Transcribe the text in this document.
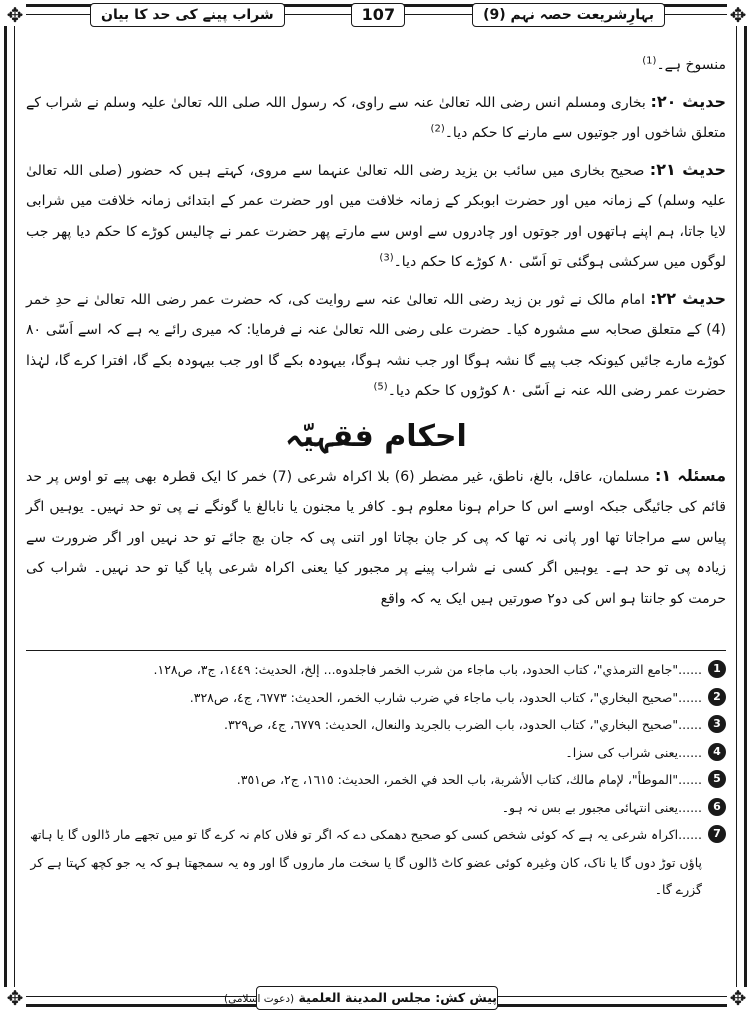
✥	✥
✥	✥
بہارِشریعت حصہ نہم (9)
107
شراب پینے کی حد کا بیان

منسوخ ہے۔$^{(1)}$

حدیث ۲۰: بخاری ومسلم انس رضی اللہ تعالیٰ عنہ سے راوی، کہ رسول اللہ صلی اللہ تعالیٰ علیہ وسلم نے شراب کے متعلق شاخوں اور جوتیوں سے مارنے کا حکم دیا۔$^{(2)}$

حدیث ۲۱: صحیح بخاری میں سائب بن یزید رضی اللہ تعالیٰ عنہما سے مروی، کہتے ہیں کہ حضور (صلی اللہ تعالیٰ علیہ وسلم) کے زمانہ میں اور حضرت ابوبکر کے زمانہ خلافت میں اور حضرت عمر کے ابتدائی زمانہ خلافت میں شرابی لایا جاتا، ہم اپنے ہاتھوں اور جوتوں اور چادروں سے اوس سے مارتے پھر حضرت عمر نے چالیس کوڑے کا حکم دیا پھر جب لوگوں میں سرکشی ہوگئی تو اَسّی ۸۰ کوڑے کا حکم دیا۔$^{(3)}$

حدیث ۲۲: امام مالک نے ثور بن زید رضی اللہ تعالیٰ عنہ سے روایت کی، کہ حضرت عمر رضی اللہ تعالیٰ نے حدِ خمر (4) کے متعلق صحابہ سے مشورہ کیا۔ حضرت علی رضی اللہ تعالیٰ عنہ نے فرمایا: کہ میری رائے یہ ہے کہ اسے اَسّی ۸۰ کوڑے مارے جائیں کیونکہ جب پیے گا نشہ ہوگا اور جب نشہ ہوگا، بیہودہ بکے گا اور جب بیہودہ بکے گا، افترا کرے گا، لہٰذا حضرت عمر رضی اللہ عنہ نے اَسّی ۸۰ کوڑوں کا حکم دیا۔$^{(5)}$

احکام فقہیّہ

مسئلہ ۱: مسلمان، عاقل، بالغ، ناطق، غیر مضطر (6) بلا اکراہ شرعی (7) خمر کا ایک قطرہ بھی پیے تو اوس پر حد قائم کی جائیگی جبکہ اوسے اس کا حرام ہونا معلوم ہو۔ کافر یا مجنون یا نابالغ یا گونگے نے پی تو حد نہیں۔ یوہیں اگر پیاس سے مراجاتا تھا اور پانی نہ تھا کہ پی کر جان بچاتا اور اتنی پی کہ جان بچ جائے تو حد نہیں اور اگر ضرورت سے زیادہ پی تو حد ہے۔ یوہیں اگر کسی نے شراب پینے پر مجبور کیا یعنی اکراہ شرعی پایا گیا تو حد نہیں۔ شراب کی حرمت کو جانتا ہو اس کی دو۲ صورتیں ہیں ایک یہ کہ واقع

1
......"جامع الترمذي"، كتاب الحدود، باب ماجاء من شرب الخمر فاجلدوه... إلخ، الحديث: ١٤٤٩، ج٣، ص١٢٨.
2
......"صحيح البخاري"، كتاب الحدود، باب ماجاء في ضرب شارب الخمر، الحديث: ٦٧٧٣، ج٤، ص٣٢٨.
3
......"صحيح البخاري"، كتاب الحدود، باب الضرب بالجريد والنعال، الحديث: ٦٧٧٩، ج٤، ص٣٢٩.
4
......یعنی شراب کی سزا۔
5
......"الموطأ"، لإمام مالك، كتاب الأشربة، باب الحد في الخمر، الحديث: ١٦١٥، ج٢، ص٣٥١.
6
......یعنی انتہائی مجبور بے بس نہ ہو۔
7
......اکراہ شرعی یہ ہے کہ کوئی شخص کسی کو صحیح دھمکی دے کہ اگر تو فلاں کام نہ کرے گا تو میں تجھے مار ڈالوں گا یا ہاتھ پاؤں توڑ دوں گا یا ناک، کان وغیرہ کوئی عضو کاٹ ڈالوں گا یا سخت مار ماروں گا اور وہ یہ سمجھتا ہو کہ یہ جو کچھ کہتا ہے کر گزرے گا۔
پیش کش: مجلس المدينة العلمية (دعوت اسلامی)
